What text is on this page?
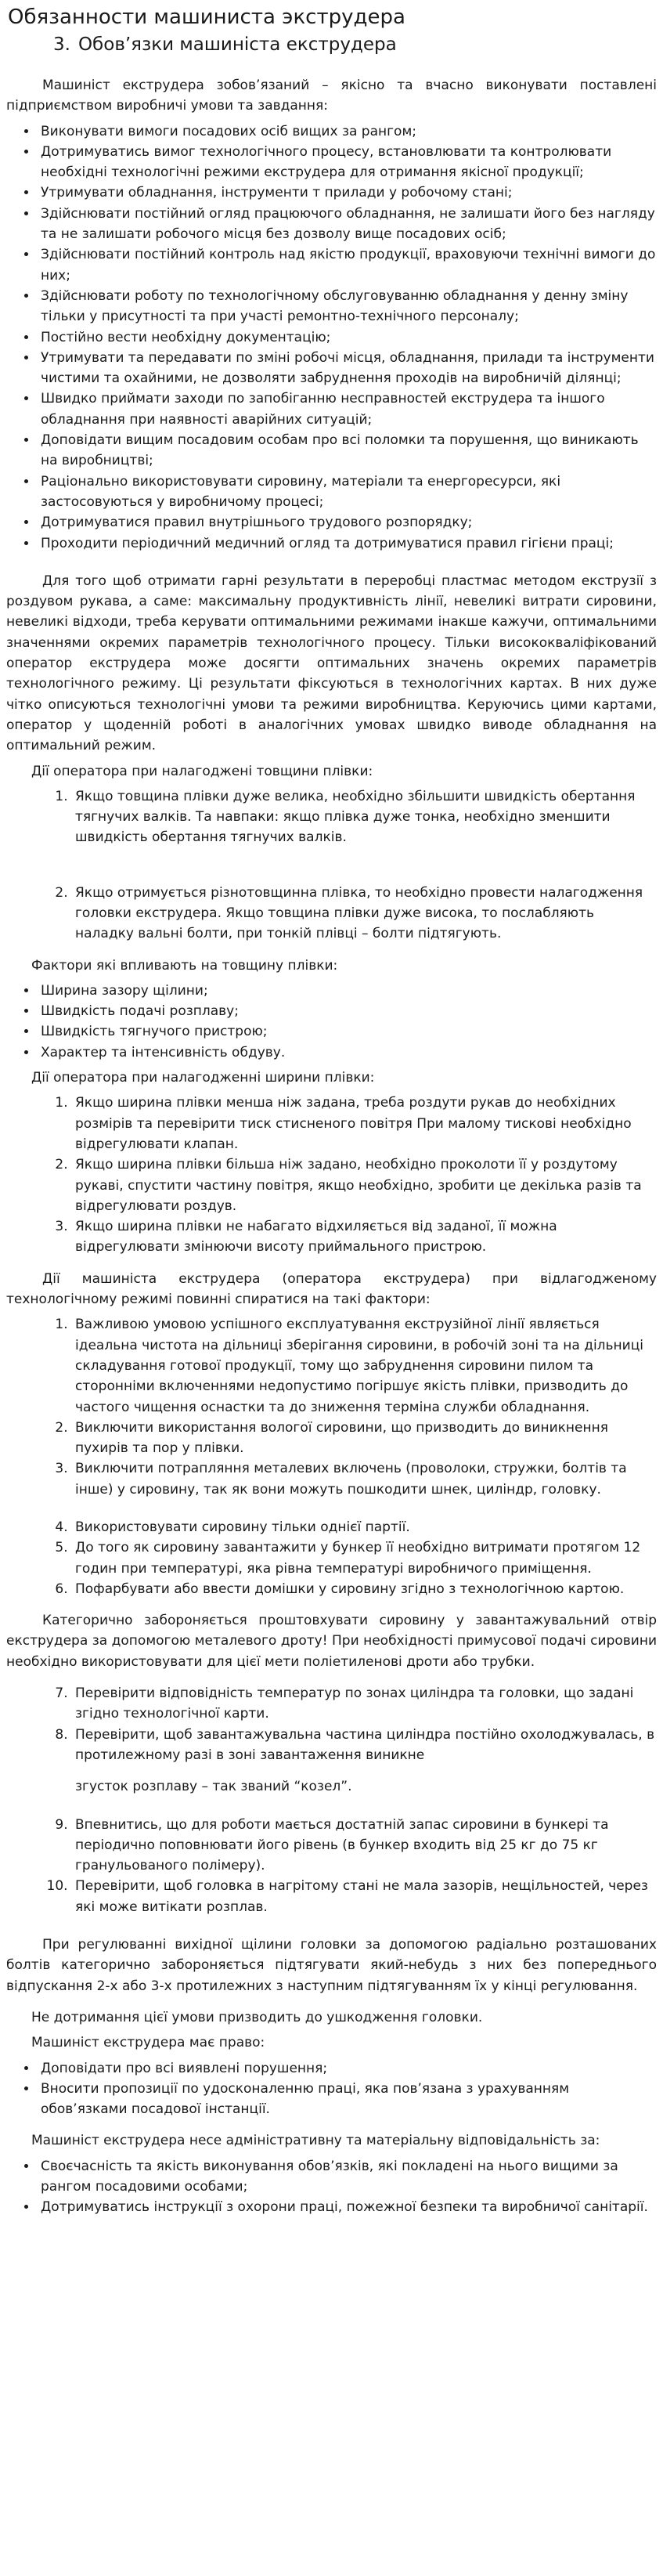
Обязанности машиниста экструдера
3. Обов’язки машиніста екструдера

Машиніст екструдера зобов’язаний – якісно та вчасно виконувати поставлені підприємством виробничі умови та завдання:

• Виконувати вимоги посадових осіб вищих за рангом;
• Дотримуватись вимог технологічного процесу, встановлювати та контролювати необхідні технологічні режими екструдера для отримання якісної продукції;
• Утримувати обладнання, інструменти т прилади у робочому стані;
• Здійснювати постійний огляд працюючого обладнання, не залишати його без нагляду та не залишати робочого місця без дозволу вище посадових осіб;
• Здійснювати постійний контроль над якістю продукції, враховуючи технічні вимоги до них;
• Здійснювати роботу по технологічному обслуговуванню обладнання у денну зміну тільки у присутності та при участі ремонтно-технічного персоналу;
• Постійно вести необхідну документацію;
• Утримувати та передавати по зміні робочі місця, обладнання, прилади та інструменти чистими та охайними, не дозволяти забруднення проходів на виробничій ділянці;
• Швидко приймати заходи по запобіганню несправностей екструдера та іншого обладнання при наявності аварійних ситуацій;
• Доповідати вищим посадовим особам про всі поломки та порушення, що виникають на виробництві;
• Раціонально використовувати сировину, матеріали та енергоресурси, які застосовуються у виробничому процесі;
• Дотримуватися правил внутрішнього трудового розпорядку;
• Проходити періодичний медичний огляд та дотримуватися правил гігієни праці;

Для того щоб отримати гарні результати в переробці пластмас методом екструзії з роздувом рукава, а саме: максимальну продуктивність лінії, невеликі витрати сировини, невеликі відходи, треба керувати оптимальними режимами інакше кажучи, оптимальними значеннями окремих параметрів технологічного процесу. Тільки висококваліфікований оператор екструдера може досягти оптимальних значень окремих параметрів технологічного режиму. Ці результати фіксуються в технологічних картах. В них дуже чітко описуються технологічні умови та режими виробництва. Керуючись цими картами, оператор у щоденній роботі в аналогічних умовах швидко виводе обладнання на оптимальний режим.

Дії оператора при налагоджені товщини плівки:

1. Якщо товщина плівки дуже велика, необхідно збільшити швидкість обертання тягнучих валків. Та навпаки: якщо плівка дуже тонка, необхідно зменшити швидкість обертання тягнучих валків.
2. Якщо отримується різнотовщинна плівка, то необхідно провести налагодження головки екструдера. Якщо товщина плівки дуже висока, то послабляють наладку вальні болти, при тонкій плівці – болти підтягують.

Фактори які впливають на товщину плівки:

• Ширина зазору щілини;
• Швидкість подачі розплаву;
• Швидкість тягнучого пристрою;
• Характер та інтенсивність обдуву.

Дії оператора при налагодженні ширини плівки:

1. Якщо ширина плівки менша ніж задана, треба роздути рукав до необхідних розмірів та перевірити тиск стисненого повітря При малому тискові необхідно відрегулювати клапан.
2. Якщо ширина плівки більша ніж задано, необхідно проколоти її у роздутому рукаві, спустити частину повітря, якщо необхідно, зробити це декілька разів та відрегулювати роздув.
3. Якщо ширина плівки не набагато відхиляється від заданої, її можна відрегулювати змінюючи висоту приймального пристрою.

Дії машиніста екструдера (оператора екструдера) при відлагодженому технологічному режимі повинні спиратися на такі фактори:

1. Важливою умовою успішного експлуатування екструзійної лінії являється ідеальна чистота на дільниці зберігання сировини, в робочій зоні та на дільниці складування готової продукції, тому що забруднення сировини пилом та сторонніми включеннями недопустимо погіршує якість плівки, призводить до частого чищення оснастки та до зниження терміна служби обладнання.
2. Виключити використання вологої сировини, що призводить до виникнення пухирів та пор у плівки.
3. Виключити потрапляння металевих включень (проволоки, стружки, болтів та інше) у сировину, так як вони можуть пошкодити шнек, циліндр, головку.
4. Використовувати сировину тільки однієї партії.
5. До того як сировину завантажити у бункер її необхідно витримати протягом 12 годин при температурі, яка рівна температурі виробничого приміщення.
6. Пофарбувати або ввести домішки у сировину згідно з технологічною картою.

Категорично забороняється проштовхувати сировину у завантажувальний отвір екструдера за допомогою металевого дроту! При необхідності примусової подачі сировини необхідно використовувати для цієї мети поліетиленові дроти або трубки.

7. Перевірити відповідність температур по зонах циліндра та головки, що задані згідно технологічної карти.
8. Перевірити, щоб завантажувальна частина циліндра постійно охолоджувалась, в протилежному разі в зоні завантаження виникне

згусток розплаву – так званий “козел”.

9. Впевнитись, що для роботи мається достатній запас сировини в бункері та періодично поповнювати його рівень (в бункер входить від 25 кг до 75 кг гранульованого полімеру).
10. Перевірити, щоб головка в нагрітому стані не мала зазорів, нещільностей, через які може витікати розплав.

При регулюванні вихідної щілини головки за допомогою радіально розташованих болтів категорично забороняється підтягувати який-небудь з них без попереднього відпускання 2-х або 3-х протилежних з наступним підтягуванням їх у кінці регулювання.

Не дотримання цієї умови призводить до ушкодження головки.

Машиніст екструдера має право:

• Доповідати про всі виявлені порушення;
• Вносити пропозиції по удосконаленню праці, яка пов’язана з урахуванням обов’язками посадової інстанції.

Машиніст екструдера несе адміністративну та матеріальну відповідальність за:

• Своєчасність та якість виконування обов’язків, які покладені на нього вищими за рангом посадовими особами;
• Дотримуватись інструкції з охорони праці, пожежної безпеки та виробничої санітарії.
